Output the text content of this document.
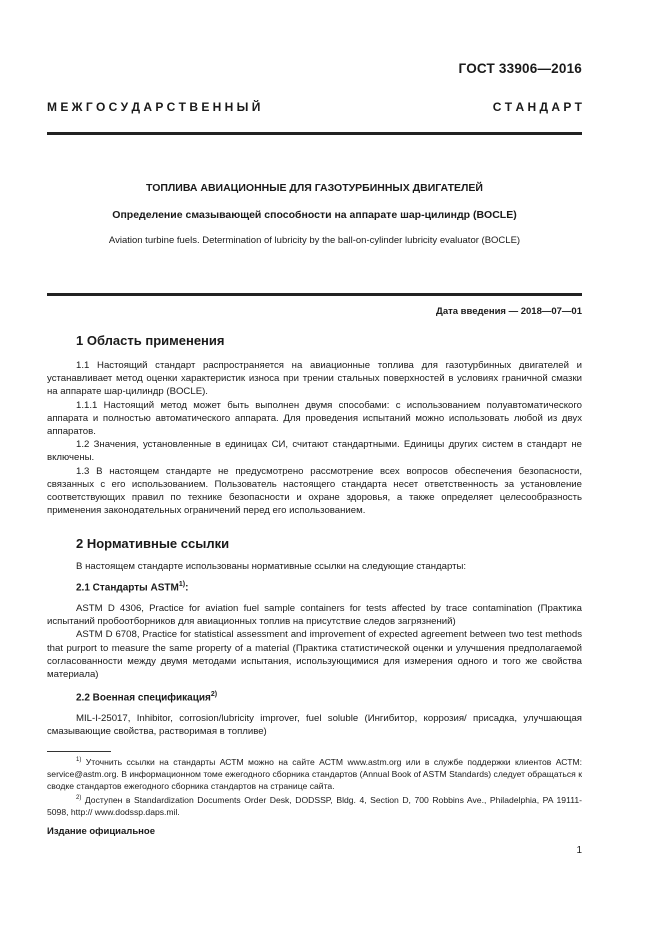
ГОСТ 33906—2016
М Е Ж Г О С У Д А Р С Т В Е Н Н Ы Й	С Т А Н Д А Р Т
ТОПЛИВА АВИАЦИОННЫЕ ДЛЯ ГАЗОТУРБИННЫХ ДВИГАТЕЛЕЙ
Определение смазывающей способности на аппарате шар-цилиндр (BOCLE)
Aviation turbine fuels. Determination of lubricity by the ball-on-cylinder lubricity evaluator (BOCLE)
Дата введения — 2018—07—01
1 Область применения

1.1 Настоящий стандарт распространяется на авиационные топлива для газотурбинных двигателей и устанавливает метод оценки характеристик износа при трении стальных поверхностей в условиях граничной смазки на аппарате шар-цилиндр (BOCLE).

1.1.1 Настоящий метод может быть выполнен двумя способами: с использованием полуавтоматического аппарата и полностью автоматического аппарата. Для проведения испытаний можно использовать любой из двух аппаратов.

1.2 Значения, установленные в единицах СИ, считают стандартными. Единицы других систем в стандарт не включены.

1.3 В настоящем стандарте не предусмотрено рассмотрение всех вопросов обеспечения безопасности, связанных с его использованием. Пользователь настоящего стандарта несет ответственность за установление соответствующих правил по технике безопасности и охране здоровья, а также определяет целесообразность применения законодательных ограничений перед его использованием.

2 Нормативные ссылки

В настоящем стандарте использованы нормативные ссылки на следующие стандарты:

2.1 Стандарты ASTM$^{1)}$:

ASTM D 4306, Practice for aviation fuel sample containers for tests affected by trace contamination (Практика испытаний пробоотборников для авиационных топлив на присутствие следов загрязнений)

ASTM D 6708, Practice for statistical assessment and improvement of expected agreement between two test methods that purport to measure the same property of a material (Практика статистической оценки и улучшения предполагаемой согласованности между двумя методами испытания, использующимися для измерения одного и того же свойства материала)

2.2 Военная спецификация$^{2)}$

MIL-I-25017, Inhibitor, corrosion/lubricity improver, fuel soluble (Ингибитор, коррозия/ присадка, улучшающая смазывающие свойства, растворимая в топливе)

$^{1)}$ Уточнить ссылки на стандарты АСТМ можно на сайте АСТМ www.astm.org или в службе поддержки клиентов АСТМ: service@astm.org. В информационном томе ежегодного сборника стандартов (Annual Book of ASTM Standards) следует обращаться к сводке стандартов ежегодного сборника стандартов на странице сайта.

$^{2)}$ Доступен в Standardization Documents Order Desk, DODSSP, Bldg. 4, Section D, 700 Robbins Ave., Philadelphia, PA 19111-5098, http:// www.dodssp.daps.mil.

Издание официальное
1
